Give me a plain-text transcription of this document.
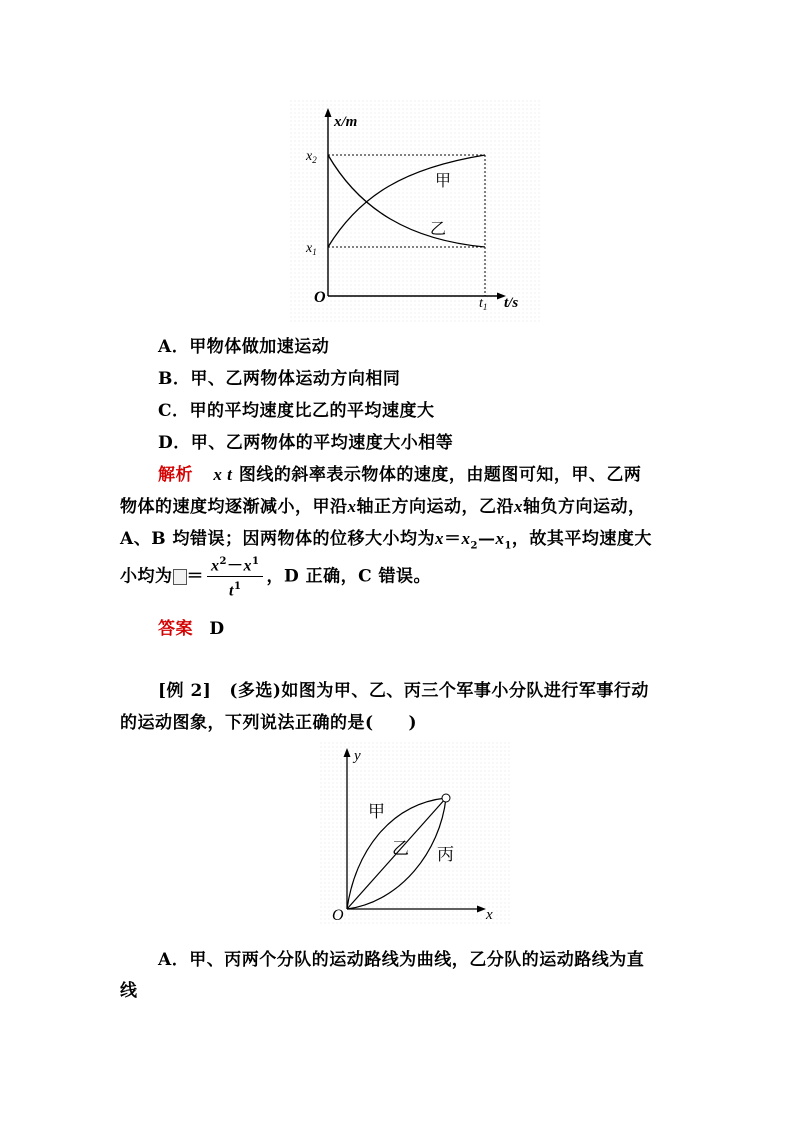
x/m
$x_2$
$x_1$
O	$t_1$ t/s
甲
乙
A．甲物体做加速运动
B．甲、乙两物体运动方向相同
C．甲的平均速度比乙的平均速度大
D．甲、乙两物体的平均速度大小相等
解析 x t 图线的斜率表示物体的速度，由题图可知，甲、乙两
物体的速度均逐渐减小，甲沿x轴正方向运动，乙沿x轴负方向运动，
A、B 均错误；因两物体的位移大小均为$x=x_2—x_1$，故其平均速度大
小均为 ＝ $\frac{x^2-x^1}{t^1}$ ，D 正确，C 错误。
答案 D
[例 2] (多选)如图为甲、乙、丙三个军事小分队进行军事行动
的运动图象，下列说法正确的是(　　)
y
x
O
甲
乙 丙
A．甲、丙两个分队的运动路线为曲线，乙分队的运动路线为直
线
